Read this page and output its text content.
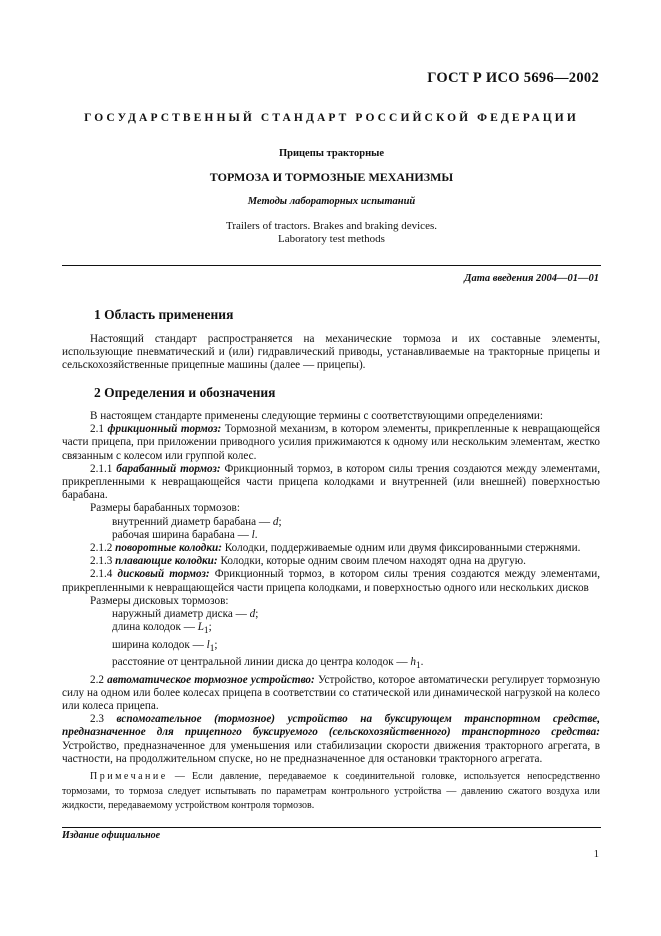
ГОСТ Р ИСО 5696—2002
ГОСУДАРСТВЕННЫЙ СТАНДАРТ РОССИЙСКОЙ ФЕДЕРАЦИИ
Прицепы тракторные
ТОРМОЗА И ТОРМОЗНЫЕ МЕХАНИЗМЫ
Методы лабораторных испытаний
Trailers of tractors. Brakes and braking devices.
Laboratory test methods
Дата введения 2004—01—01
1 Область применения

Настоящий стандарт распространяется на механические тормоза и их составные элементы, использующие пневматический и (или) гидравлический приводы, устанавливаемые на тракторные прицепы и сельскохозяйственные прицепные машины (далее — прицепы).

2 Определения и обозначения

В настоящем стандарте применены следующие термины с соответствующими определениями:

2.1 фрикционный тормоз: Тормозной механизм, в котором элементы, прикрепленные к невращающейся части прицепа, при приложении приводного усилия прижимаются к одному или нескольким элементам, жестко связанным с колесом или группой колес.

2.1.1 барабанный тормоз: Фрикционный тормоз, в котором силы трения создаются между элементами, прикрепленными к невращающейся части прицепа колодками и внутренней (или внешней) поверхностью барабана.

Размеры барабанных тормозов:

внутренний диаметр барабана — d;

рабочая ширина барабана — l.

2.1.2 поворотные колодки: Колодки, поддерживаемые одним или двумя фиксированными стержнями.

2.1.3 плавающие колодки: Колодки, которые одним своим плечом находят одна на другую.

2.1.4 дисковый тормоз: Фрикционный тормоз, в котором силы трения создаются между элементами, прикрепленными к невращающейся части прицепа колодками, и поверхностью одного или нескольких дисков

Размеры дисковых тормозов:

наружный диаметр диска — d;

длина колодок — $L_1$;

ширина колодок — $l_1$;

расстояние от центральной линии диска до центра колодок — $h_1$.

2.2 автоматическое тормозное устройство: Устройство, которое автоматически регулирует тормозную силу на одном или более колесах прицепа в соответствии со статической или динамической нагрузкой на колесо или колеса прицепа.

2.3 вспомогательное (тормозное) устройство на буксирующем транспортном средстве, предназначенное для прицепного буксируемого (сельскохозяйственного) транспортного средства: Устройство, предназначенное для уменьшения или стабилизации скорости движения тракторного агрегата, в частности, на продолжительном спуске, но не предназначенное для остановки тракторного агрегата.

Примечание — Если давление, передаваемое к соединительной головке, используется непосредственно тормозами, то тормоза следует испытывать по параметрам контрольного устройства — давлению сжатого воздуха или жидкости, передаваемому устройством контроля тормозов.
Издание официальное
1
